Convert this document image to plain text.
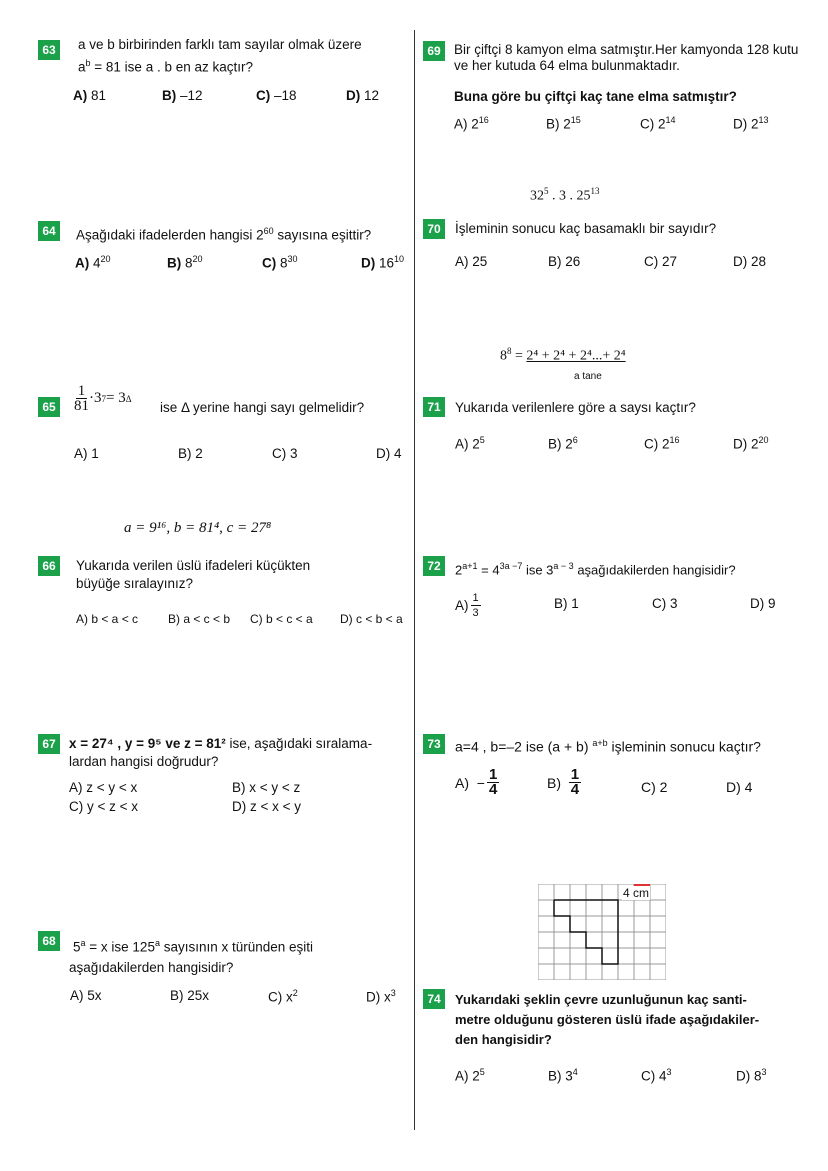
63	a ve b birbirinden farklı tam sayılar olmak üzere
$a^b = 81$ ise a . b en az kaçtır?
A) 81	B) –12	C) –18	D) 12
64	Aşağıdaki ifadelerden hangisi $2^{60}$ sayısına eşittir?
A) $4^{20}$	B) $8^{20}$	C) $8^{30}$	D) $16^{10}$
$65 \frac{1}{81} \cdot 3$ 7 = 3 Δ
ise Δ yerine hangi sayı gelmelidir?
A) 1	B) 2	C) 3	D) 4
a = 9¹⁶, b = 81⁴, c = 27⁸
66	Yukarıda verilen üslü ifadeleri küçükten
büyüğe sıralayınız?
A) b < a < c B) a < c < b C) b < c < a D) c < b < a
67 x = 27⁴ , y = 9⁵ ve z = 81² ise, aşağıdaki sıralama-
lardan hangisi doğrudur?
A) z < y < x	B) x < y < z
C) y < z < x	D) z < x < y
68	$5^a = x$ ise 125$^a$ sayısının x türünden eşiti
aşağıdakilerden hangisidir?
A) 5x	B) 25x	C) $x^2$	D) $x^3$
69 Bir çiftçi 8 kamyon elma satmıştır.Her kamyonda 128 kutu
ve her kutuda 64 elma bulunmaktadır.
Buna göre bu çiftçi kaç tane elma satmıştır?
A) $2^{16}$	B) $2^{15}$	C) $2^{14}$	D) $2^{13}$
$32^5$ . 3 . $25^{13}$
70	İşleminin sonucu kaç basamaklı bir sayıdır?
A) 25	B) 26	C) 27	D) 28
$8^8 = 2^4 + 2^4 + 2^4...+ 2^4$
a tane
71	Yukarıda verilenlere göre a saysı kaçtır?
A) $2^5$	B) $2^6$	C) $2^{16}$	D) $2^{20}$
72	$2^{a+1} = 4^{3a -7}$ ise $3^{a - 3}$ aşağıdakilerden hangisidir?
$A) \frac{1}{3}$	B) 1	C) 3	D) 9
73	a=4 , b=–2 ise (a + b) $^{a+b}$ işleminin sonucu kaçtır?
A)
− $\frac{1}{4}$	B)
$\frac{1}{4}$	C) 2	D) 4
4 cm
74	Yukarıdaki şeklin çevre uzunluğunun kaç santi-
metre olduğunu gösteren üslü ifade aşağıdakiler-
den hangisidir?
A) $2^5$	B) $3^4$	C) $4^3$	D) $8^3$
